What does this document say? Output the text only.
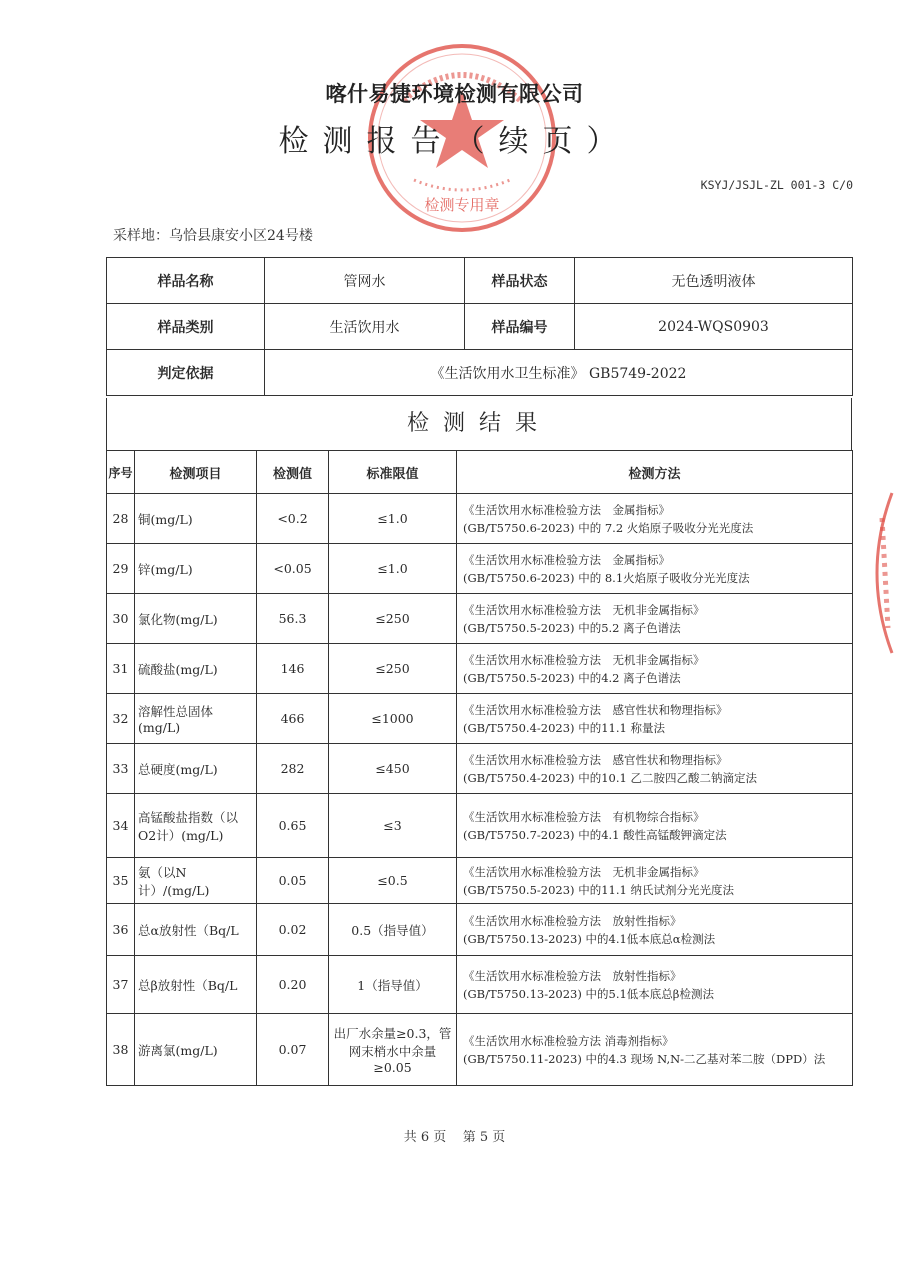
检测专用章
喀什易捷环境检测有限公司
检测报告（续页）
KSYJ/JSJL-ZL 001-3 C/0
采样地：乌恰县康安小区24号楼
样品名称	管网水	样品状态	无色透明液体
样品类别	生活饮用水	样品编号	2024-WQS0903
判定依据	《生活饮用水卫生标准》 GB5749-2022		
检测结果
序号	检测项目	检测值	标准限值	检测方法
28	铜(mg/L)	<0.2	≤1.0	《生活饮用水标准检验方法　金属指标》
(GB/T5750.6-2023) 中的 7.2 火焰原子吸收分光光度法

29	锌(mg/L)	<0.05	≤1.0	《生活饮用水标准检验方法　金属指标》
(GB/T5750.6-2023) 中的 8.1火焰原子吸收分光光度法

30	氯化物(mg/L)	56.3	≤250	《生活饮用水标准检验方法　无机非金属指标》
(GB/T5750.5-2023) 中的5.2 离子色谱法

31	硫酸盐(mg/L)	146	≤250	《生活饮用水标准检验方法　无机非金属指标》
(GB/T5750.5-2023) 中的4.2 离子色谱法

32	溶解性总固体(mg/L)	466	≤1000	《生活饮用水标准检验方法　感官性状和物理指标》
(GB/T5750.4-2023) 中的11.1 称量法

33	总硬度(mg/L)	282	≤450	《生活饮用水标准检验方法　感官性状和物理指标》
(GB/T5750.4-2023) 中的10.1 乙二胺四乙酸二钠滴定法

34	高锰酸盐指数（以O2计）(mg/L)	0.65	≤3	《生活饮用水标准检验方法　有机物综合指标》
(GB/T5750.7-2023) 中的4.1 酸性高锰酸钾滴定法

35	氨（以N计）/(mg/L)	0.05	≤0.5	《生活饮用水标准检验方法　无机非金属指标》
(GB/T5750.5-2023) 中的11.1 纳氏试剂分光光度法

36	总α放射性（Bq/L	0.02	0.5（指导值）	《生活饮用水标准检验方法　放射性指标》
(GB/T5750.13-2023) 中的4.1低本底总α检测法

37	总β放射性（Bq/L	0.20	1（指导值）	《生活饮用水标准检验方法　放射性指标》
(GB/T5750.13-2023) 中的5.1低本底总β检测法

38	游离氯(mg/L)	0.07	出厂水余量≥0.3，管网末梢水中余量≥0.05	《生活饮用水标准检验方法 消毒剂指标》
(GB/T5750.11-2023) 中的4.3 现场 N,N-二乙基对苯二胺（DPD）法
共 6 页 第 5 页
